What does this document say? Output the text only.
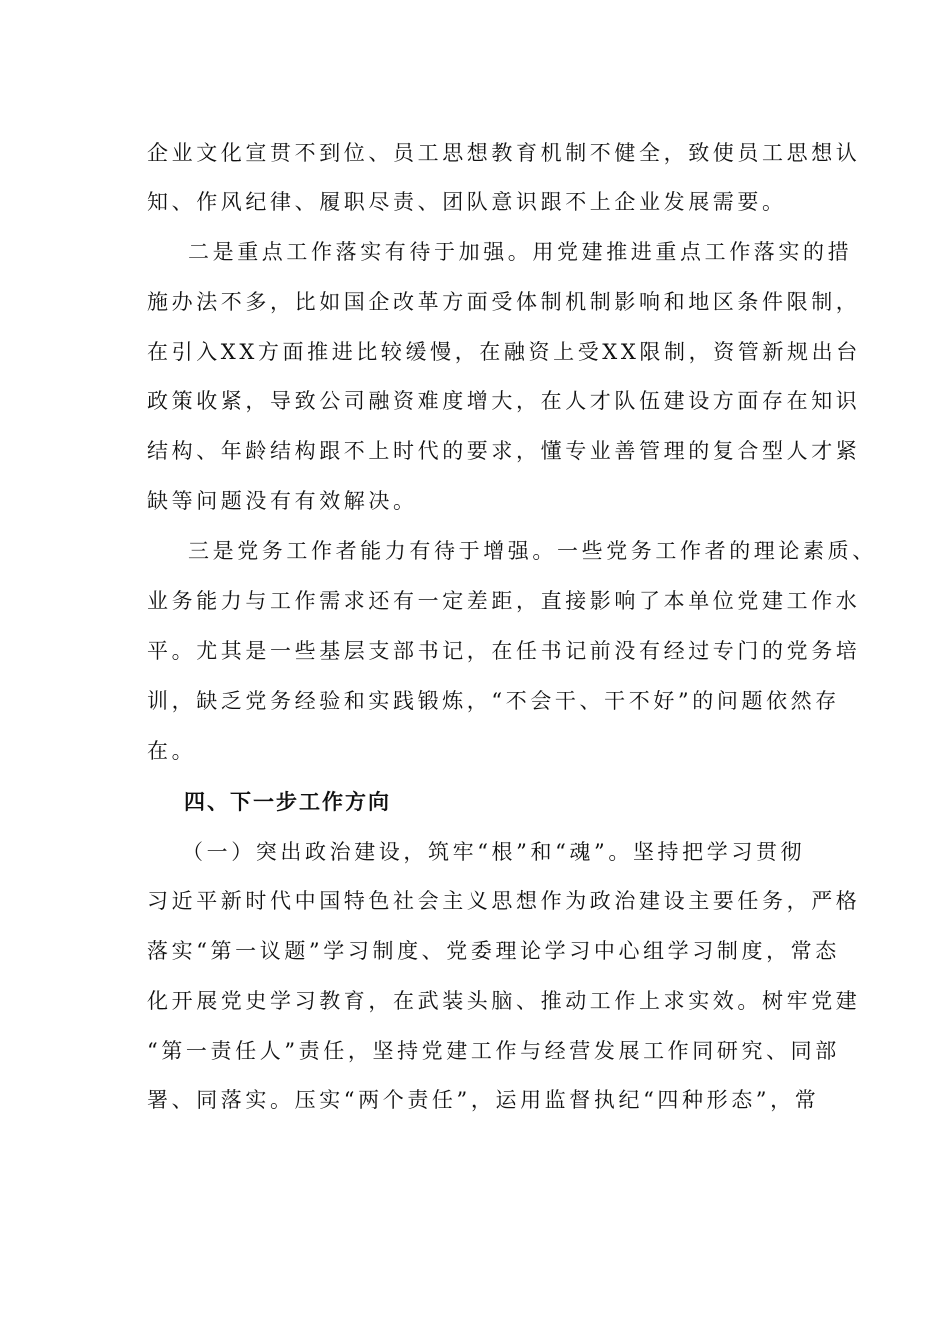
企业文化宣贯不到位、员工思想教育机制不健全，致使员工思想认
知、作风纪律、履职尽责、团队意识跟不上企业发展需要。
二是重点工作落实有待于加强。用党建推进重点工作落实的措
施办法不多，比如国企改革方面受体制机制影响和地区条件限制，
在引入XX方面推进比较缓慢，在融资上受XX限制，资管新规出台
政策收紧，导致公司融资难度增大，在人才队伍建设方面存在知识
结构、年龄结构跟不上时代的要求，懂专业善管理的复合型人才紧
缺等问题没有有效解决。
三是党务工作者能力有待于增强。一些党务工作者的理论素质、
业务能力与工作需求还有一定差距，直接影响了本单位党建工作水
平。尤其是一些基层支部书记，在任书记前没有经过专门的党务培
训，缺乏党务经验和实践锻炼，“不会干、干不好”的问题依然存
在。
四、下一步工作方向
（一）突出政治建设，筑牢“根”和“魂”。坚持把学习贯彻
习近平新时代中国特色社会主义思想作为政治建设主要任务，严格
落实“第一议题”学习制度、党委理论学习中心组学习制度，常态
化开展党史学习教育，在武装头脑、推动工作上求实效。树牢党建
“第一责任人”责任，坚持党建工作与经营发展工作同研究、同部
署、同落实。压实“两个责任”，运用监督执纪“四种形态”，常
